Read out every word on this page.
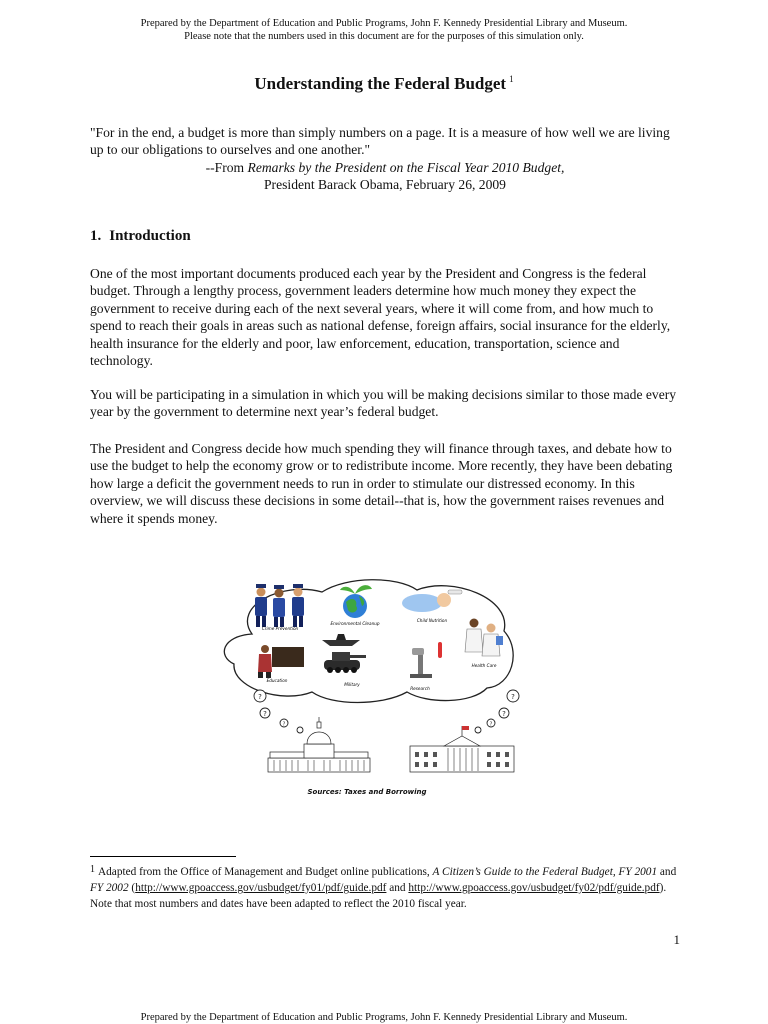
Prepared by the Department of Education and Public Programs, John F. Kennedy Presidential Library and Museum.
Please note that the numbers used in this document are for the purposes of this simulation only.
Understanding the Federal Budget $^1$
"For in the end, a budget is more than simply numbers on a page. It is a measure of how well we are living up to our obligations to ourselves and one another."
--From Remarks by the President on the Fiscal Year 2010 Budget,
President Barack Obama, February 26, 2009
1. Introduction
One of the most important documents produced each year by the President and Congress is the federal budget. Through a lengthy process, government leaders determine how much money they expect the government to receive during each of the next several years, where it will come from, and how much to spend to reach their goals in areas such as national defense, foreign affairs, social insurance for the elderly, health insurance for the elderly and poor, law enforcement, education, transportation, science and technology.
You will be participating in a simulation in which you will be making decisions similar to those made every year by the government to determine next year’s federal budget.
The President and Congress decide how much spending they will finance through taxes, and debate how to use the budget to help the economy grow or to redistribute income. More recently, they have been debating how large a deficit the government needs to run in order to stimulate our distressed economy. In this overview, we will discuss these decisions in some detail--that is, how the government raises revenues and where it spends money.
Crime Prevention
Environmental Cleanup
Child Nutrition
Education
Military
Research
Health Care
?
?
?
?
?
?
Sources: Taxes and Borrowing
$^1$ Adapted from the Office of Management and Budget online publications, A Citizen’s Guide to the Federal Budget, FY 2001 and FY 2002 (http://www.gpoaccess.gov/usbudget/fy01/pdf/guide.pdf and http://www.gpoaccess.gov/usbudget/fy02/pdf/guide.pdf). Note that most numbers and dates have been adapted to reflect the 2010 fiscal year.
1
Prepared by the Department of Education and Public Programs, John F. Kennedy Presidential Library and Museum.
